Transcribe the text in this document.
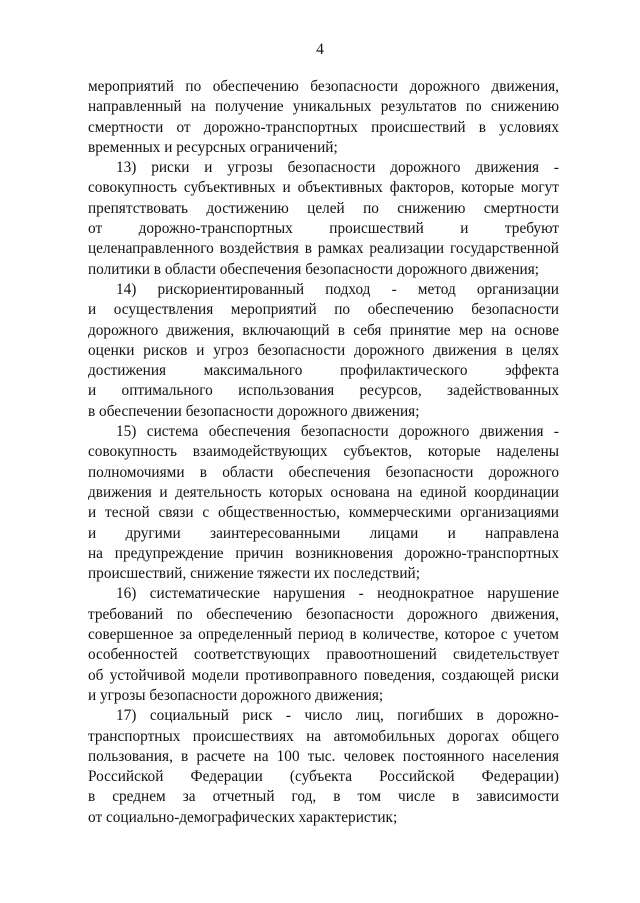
4
мероприятий по обеспечению безопасности дорожного движения,
направленный на получение уникальных результатов по снижению
смертности от дорожно-транспортных происшествий в условиях
временных и ресурсных ограничений;
13) риски и угрозы безопасности дорожного движения -
совокупность субъективных и объективных факторов, которые могут
препятствовать достижению целей по снижению смертности
от дорожно-транспортных происшествий и требуют
целенаправленного воздействия в рамках реализации государственной
политики в области обеспечения безопасности дорожного движения;
14) рискориентированный подход - метод организации
и осуществления мероприятий по обеспечению безопасности
дорожного движения, включающий в себя принятие мер на основе
оценки рисков и угроз безопасности дорожного движения в целях
достижения максимального профилактического эффекта
и оптимального использования ресурсов, задействованных
в обеспечении безопасности дорожного движения;
15) система обеспечения безопасности дорожного движения -
совокупность взаимодействующих субъектов, которые наделены
полномочиями в области обеспечения безопасности дорожного
движения и деятельность которых основана на единой координации
и тесной связи с общественностью, коммерческими организациями
и другими заинтересованными лицами и направлена
на предупреждение причин возникновения дорожно-транспортных
происшествий, снижение тяжести их последствий;
16) систематические нарушения - неоднократное нарушение
требований по обеспечению безопасности дорожного движения,
совершенное за определенный период в количестве, которое с учетом
особенностей соответствующих правоотношений свидетельствует
об устойчивой модели противоправного поведения, создающей риски
и угрозы безопасности дорожного движения;
17) социальный риск - число лиц, погибших в дорожно-
транспортных происшествиях на автомобильных дорогах общего
пользования, в расчете на 100 тыс. человек постоянного населения
Российской Федерации (субъекта Российской Федерации)
в среднем за отчетный год, в том числе в зависимости
от социально-демографических характеристик;
